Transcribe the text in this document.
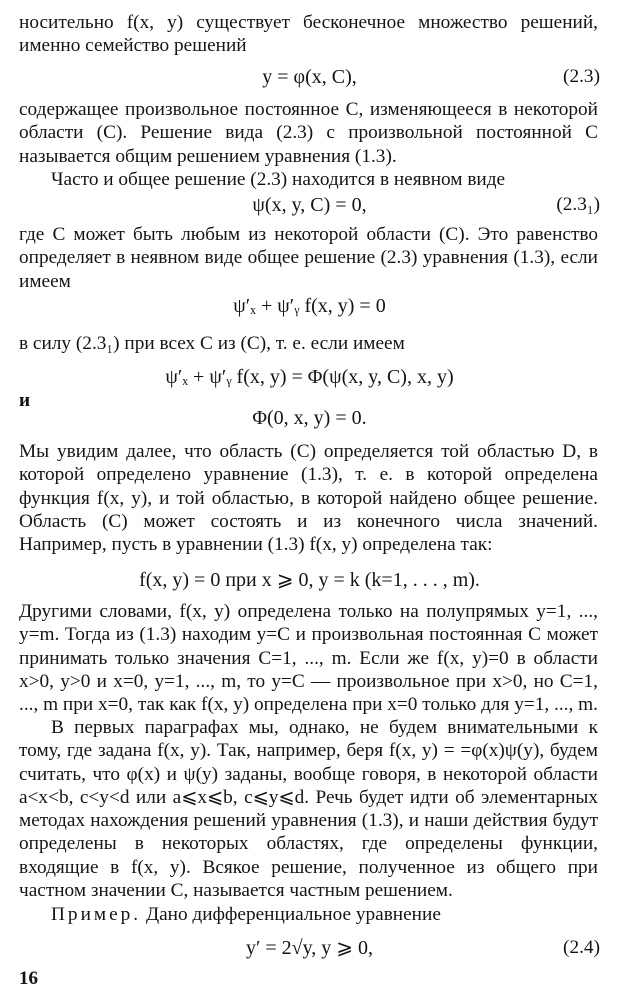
носительно f(x, y) существует бесконечное множество решений, именно семейство решений

y = φ(x, C),	(2.3)

содержащее произвольное постоянное C, изменяющееся в некоторой области (C). Решение вида (2.3) с произвольной постоянной C называется общим решением уравнения (1.3).

Часто и общее решение (2.3) находится в неявном виде

ψ(x, y, C) = 0,	(2.3₁)

где C может быть любым из некоторой области (C). Это равенство определяет в неявном виде общее решение (2.3) уравнения (1.3), если имеем

ψ′ₓ + ψ′ᵧ f(x, y) = 0

в силу (2.3₁) при всех C из (C), т. е. если имеем

ψ′ₓ + ψ′ᵧ f(x, y) = Φ(ψ(x, y, C), x, y)
и
Φ(0, x, y) = 0.

Мы увидим далее, что область (C) определяется той областью D, в которой определено уравнение (1.3), т. е. в которой определена функция f(x, y), и той областью, в которой найдено общее решение. Область (C) может состоять и из конечного числа значений. Например, пусть в уравнении (1.3) f(x, y) определена так:

f(x, y) = 0 при x ⩾ 0, y = k (k=1, . . . , m).

Другими словами, f(x, y) определена только на полупрямых y=1, ..., y=m. Тогда из (1.3) находим y=C и произвольная постоянная C может принимать только значения C=1, ..., m. Если же f(x, y)=0 в области x>0, y>0 и x=0, y=1, ..., m, то y=C — произвольное при x>0, но C=1, ..., m при x=0, так как f(x, y) определена при x=0 только для y=1, ..., m.

В первых параграфах мы, однако, не будем внимательными к тому, где задана f(x, y). Так, например, беря f(x, y) = =φ(x)ψ(y), будем считать, что φ(x) и ψ(y) заданы, вообще говоря, в некоторой области a<x<b, c<y<d или a⩽x⩽b, c⩽y⩽d. Речь будет идти об элементарных методах нахождения решений уравнения (1.3), и наши действия будут определены в некоторых областях, где определены функции, входящие в f(x, y). Всякое решение, полученное из общего при частном значении C, называется частным решением.

Пример. Дано дифференциальное уравнение

y′ = 2√y, y ⩾ 0,	(2.4)
16
